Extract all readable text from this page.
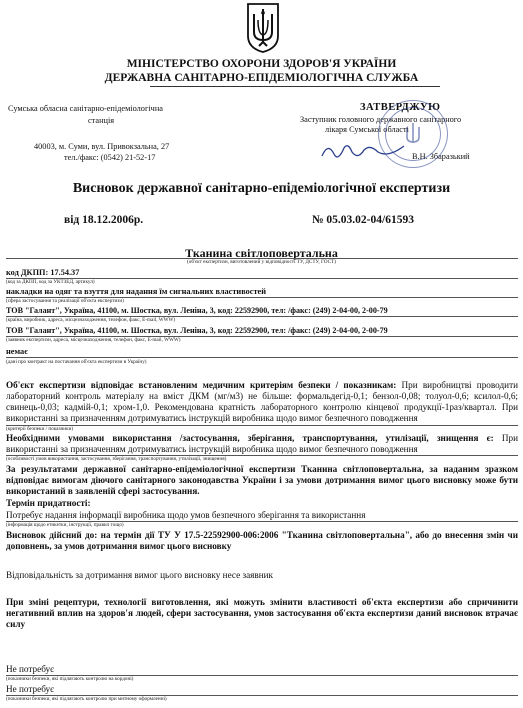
МІНІСТЕРСТВО ОХОРОНИ ЗДОРОВ'Я УКРАЇНИ
ДЕРЖАВНА САНІТАРНО-ЕПІДЕМІОЛОГІЧНА СЛУЖБА
Сумська обласна санітарно-епідеміологічна
станція
40003, м. Суми, вул. Привокзальна, 27
тел./факс: (0542) 21-52-17
ЗАТВЕРДЖУЮ
Заступник головного державного санітарного
лікаря Сумської області
В.Н. Збаразький
Висновок державної санітарно-епідеміологічної експертизи
від 18.12.2006р.	№ 05.03.02-04/61593
Тканина світлоповертальна
(об'єкт експертизи, виготовлений у відповідності ТУ, ДСТУ, ГОСТ)
код ДКПП: 17.54.37
(код за ДКПП, код за УКТЗЕД, артикул)
накладки на одяг та взуття для надання їм сигнальних властивостей
(сфера застосування та реалізації об'єкта експертизи)
ТОВ "Галант", Україна, 41100, м. Шостка, вул. Леніна, 3, код: 22592900, тел: /факс: (249) 2-04-00, 2-00-79
(країна, виробник, адреса, місцезнаходження, телефон, факс, E-mail, WWW)
ТОВ "Галант", Україна, 41100, м. Шостка, вул. Леніна, 3, код: 22592900, тел: /факс: (249) 2-04-00, 2-00-79
(заявник експертизи, адреса, місцезнаходження, телефон, факс, E-mail, WWW)
немає
(дані про контракт на постачання об'єкта експертизи в Україну)
Об'єкт експертизи відповідає встановленим медичним критеріям безпеки / показникам: При виробництві проводити лабораторний контроль матеріалу на вміст ДКМ (мг/м3) не більше: формальдегід-0,1; бензол-0,08; толуол-0,6; ксилол-0,6; свинець-0,03; кадмій-0,1; хром-1,0. Рекомендована кратність лабораторного контролю кінцевої продукції-1раз/квартал. При використанні за призначенням дотримуватись інструкцій виробника щодо вимог безпечного поводження
(критерії безпеки / показники)
Необхідними умовами використання /застосування, зберігання, транспортування, утилізації, знищення є: При використанні за призначенням дотримуватись інструкцій виробника щодо вимог безпечного поводження
(особливості умов використання, застосування, зберігання, транспортування, утилізації, знищення)
За результатами державної санітарно-епідеміологічної експертизи Тканина світлоповертальна, за наданим зразком відповідає вимогам діючого санітарного законодавства України і за умови дотримання вимог цього висновку може бути використаний в заявленій сфері застосування.
Термін придатності:
Потребує надання інформації виробника щодо умов безпечного зберігання та використання
(інформація щодо етикетки, інструкції, правил тощо)
Висновок дійсний до: на термін дії ТУ У 17.5-22592900-006:2006 "Тканина світлоповертальна", або до внесення змін чи доповнень, за умов дотримання вимог цього висновку
Відповідальність за дотримання вимог цього висновку несе заявник
При зміні рецептури, технології виготовлення, які можуть змінити властивості об'єкта експертизи або спричинити негативний вплив на здоров'я людей, сфери застосування, умов застосування об'єкта експертизи даний висновок втрачає силу
Не потребує
(показники безпеки, які підлягають контролю на кордоні)
Не потребує
(показники безпеки, які підлягають контролю при митному оформленні)
